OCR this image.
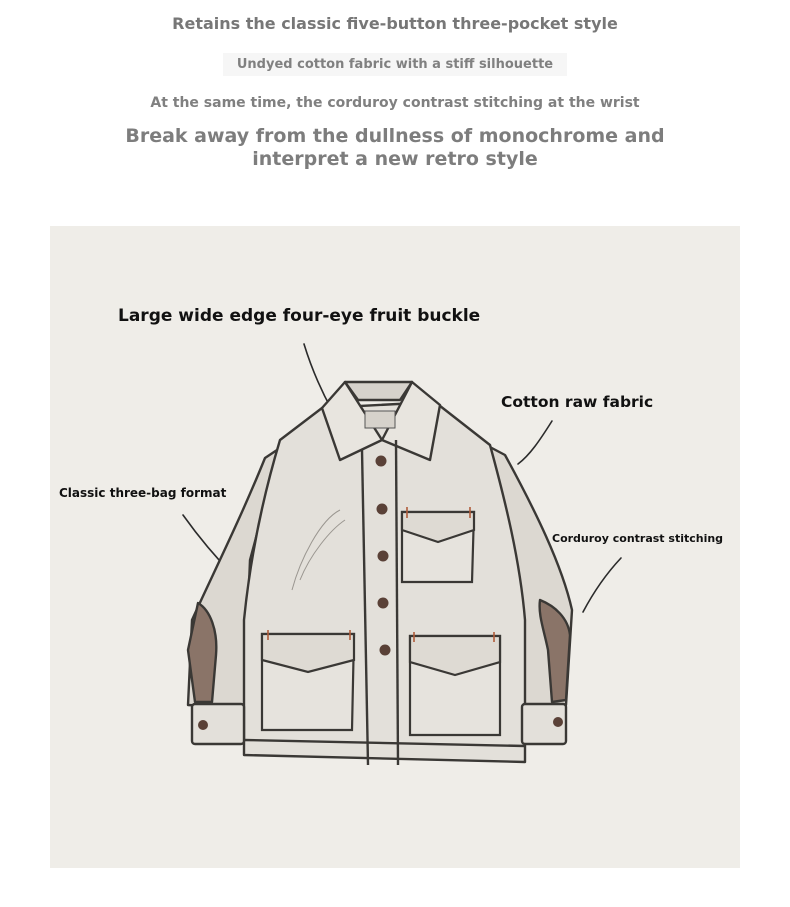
Retains the classic five-button three-pocket style
Undyed cotton fabric with a stiff silhouette
At the same time, the corduroy contrast stitching at the wrist
Break away from the dullness of monochrome and
interpret a new retro style
Large wide edge four-eye fruit buckle
Cotton raw fabric
Classic three-bag format
Corduroy contrast stitching
